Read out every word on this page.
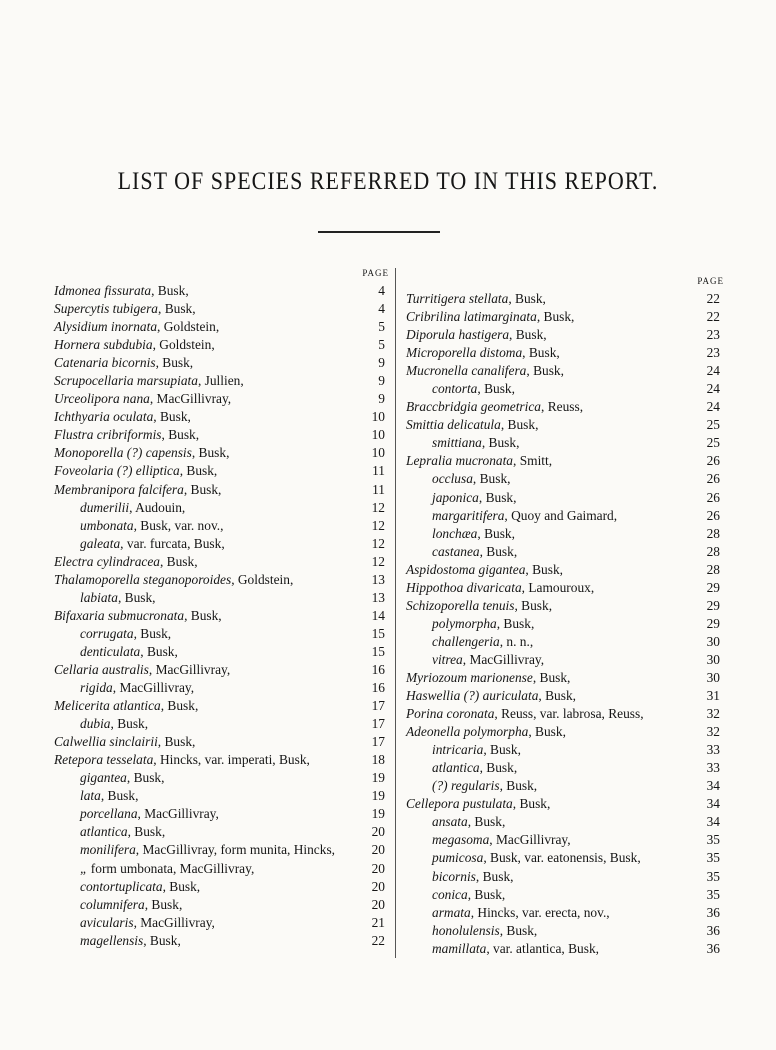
LIST OF SPECIES REFERRED TO IN THIS REPORT.
PAGE
Idmonea fissurata, Busk,	4
Supercytis tubigera, Busk,	4
Alysidium inornata, Goldstein,	5
Hornera subdubia, Goldstein,	5
Catenaria bicornis, Busk,	9
Scrupocellaria marsupiata, Jullien,	9
Urceolipora nana, MacGillivray,	9
Ichthyaria oculata, Busk,	10
Flustra cribriformis, Busk,	10
Monoporella (?) capensis, Busk,	10
Foveolaria (?) elliptica, Busk,	11
Membranipora falcifera, Busk,	11
dumerilii, Audouin,	12
umbonata, Busk, var. nov.,	12
galeata, var. furcata, Busk,	12
Electra cylindracea, Busk,	12
Thalamoporella steganoporoides, Goldstein,	13
labiata, Busk,	13
Bifaxaria submucronata, Busk,	14
corrugata, Busk,	15
denticulata, Busk,	15
Cellaria australis, MacGillivray,	16
rigida, MacGillivray,	16
Melicerita atlantica, Busk,	17
dubia, Busk,	17
Calwellia sinclairii, Busk,	17
Retepora tesselata, Hincks, var. imperati, Busk,	18
gigantea, Busk,	19
lata, Busk,	19
porcellana, MacGillivray,	19
atlantica, Busk,	20
monilifera, MacGillivray, form munita, Hincks,	20
„ form umbonata, MacGillivray,	20
contortuplicata, Busk,	20
columnifera, Busk,	20
avicularis, MacGillivray,	21
magellensis, Busk,	22
PAGE
Turritigera stellata, Busk,	22
Cribrilina latimarginata, Busk,	22
Diporula hastigera, Busk,	23
Microporella distoma, Busk,	23
Mucronella canalifera, Busk,	24
contorta, Busk,	24
Braccbridgia geometrica, Reuss,	24
Smittia delicatula, Busk,	25
smittiana, Busk,	25
Lepralia mucronata, Smitt,	26
occlusa, Busk,	26
japonica, Busk,	26
margaritifera, Quoy and Gaimard,	26
lonchæa, Busk,	28
castanea, Busk,	28
Aspidostoma gigantea, Busk,	28
Hippothoa divaricata, Lamouroux,	29
Schizoporella tenuis, Busk,	29
polymorpha, Busk,	29
challengeria, n. n.,	30
vitrea, MacGillivray,	30
Myriozoum marionense, Busk,	30
Haswellia (?) auriculata, Busk,	31
Porina coronata, Reuss, var. labrosa, Reuss,	32
Adeonella polymorpha, Busk,	32
intricaria, Busk,	33
atlantica, Busk,	33
(?) regularis, Busk,	34
Cellepora pustulata, Busk,	34
ansata, Busk,	34
megasoma, MacGillivray,	35
pumicosa, Busk, var. eatonensis, Busk,	35
bicornis, Busk,	35
conica, Busk,	35
armata, Hincks, var. erecta, nov.,	36
honolulensis, Busk,	36
mamillata, var. atlantica, Busk,	36
